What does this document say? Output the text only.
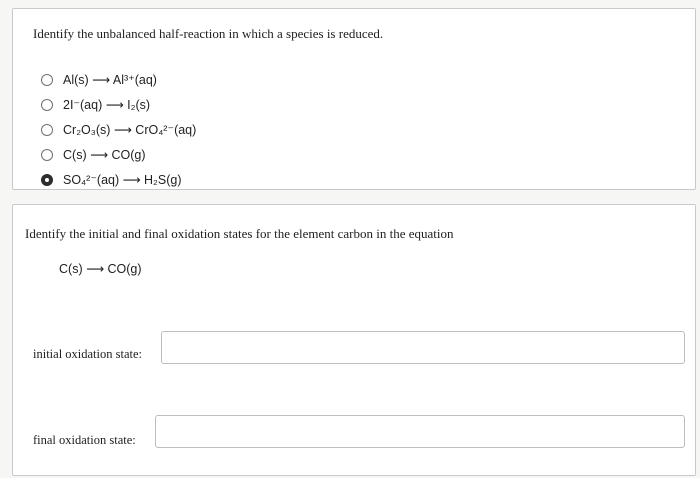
Identify the unbalanced half-reaction in which a species is reduced.
Al(s) ⟶ Al³⁺(aq)
2I⁻(aq) ⟶ I₂(s)
Cr₂O₃(s) ⟶ CrO₄²⁻(aq)
C(s) ⟶ CO(g)
SO₄²⁻(aq) ⟶ H₂S(g)
Identify the initial and final oxidation states for the element carbon in the equation
C(s) ⟶ CO(g)
initial oxidation state:
final oxidation state:
